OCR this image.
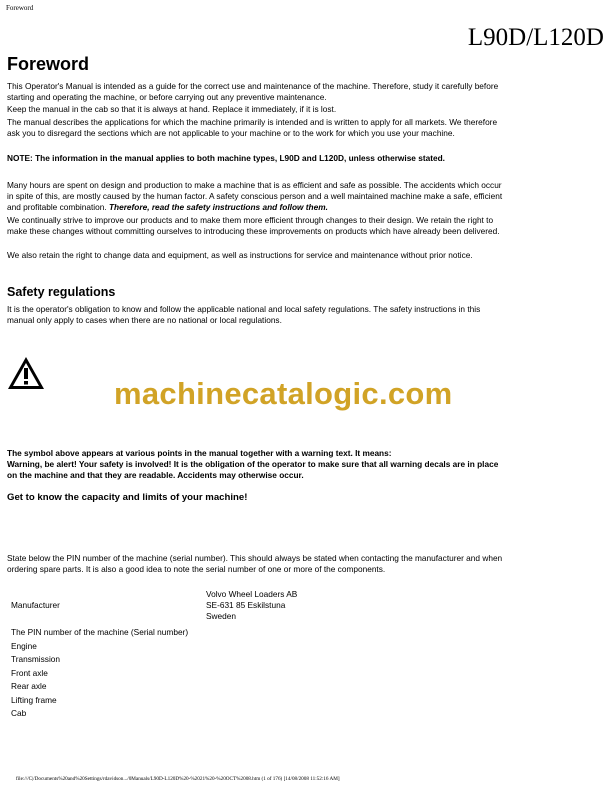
Foreword
L90D/L120D
Foreword
This Operator's Manual is intended as a guide for the correct use and maintenance of the machine. Therefore, study it carefully before starting and operating the machine, or before carrying out any preventive maintenance.
Keep the manual in the cab so that it is always at hand. Replace it immediately, if it is lost.
The manual describes the applications for which the machine primarily is intended and is written to apply for all markets. We therefore ask you to disregard the sections which are not applicable to your machine or to the work for which you use your machine.
NOTE: The information in the manual applies to both machine types, L90D and L120D, unless otherwise stated.
Many hours are spent on design and production to make a machine that is as efficient and safe as possible. The accidents which occur in spite of this, are mostly caused by the human factor. A safety conscious person and a well maintained machine make a safe, efficient and profitable combination. Therefore, read the safety instructions and follow them.
We continually strive to improve our products and to make them more efficient through changes to their design. We retain the right to make these changes without committing ourselves to introducing these improvements on products which have already been delivered.
We also retain the right to change data and equipment, as well as instructions for service and maintenance without prior notice.
Safety regulations
It is the operator's obligation to know and follow the applicable national and local safety regulations. The safety instructions in this manual only apply to cases when there are no national or local regulations.
machinecatalogic.com
The symbol above appears at various points in the manual together with a warning text. It means:
Warning, be alert! Your safety is involved! It is the obligation of the operator to make sure that all warning decals are in place on the machine and that they are readable. Accidents may otherwise occur.
Get to know the capacity and limits of your machine!
State below the PIN number of the machine (serial number). This should always be stated when contacting the manufacturer and when ordering spare parts. It is also a good idea to note the serial number of one or more of the components.
Manufacturer
Volvo Wheel Loaders AB
SE-631 85 Eskilstuna
Sweden
The PIN number of the machine (Serial number)
Engine
Transmission
Front axle
Rear axle
Lifting frame
Cab
file:///C|/Documents%20and%20Settings/rdavidson.../0Manuals/L90D-L120D%20-%2021%20-%20OCT%2008.htm (1 of 176) [14/08/2008 11:52:16 AM]
